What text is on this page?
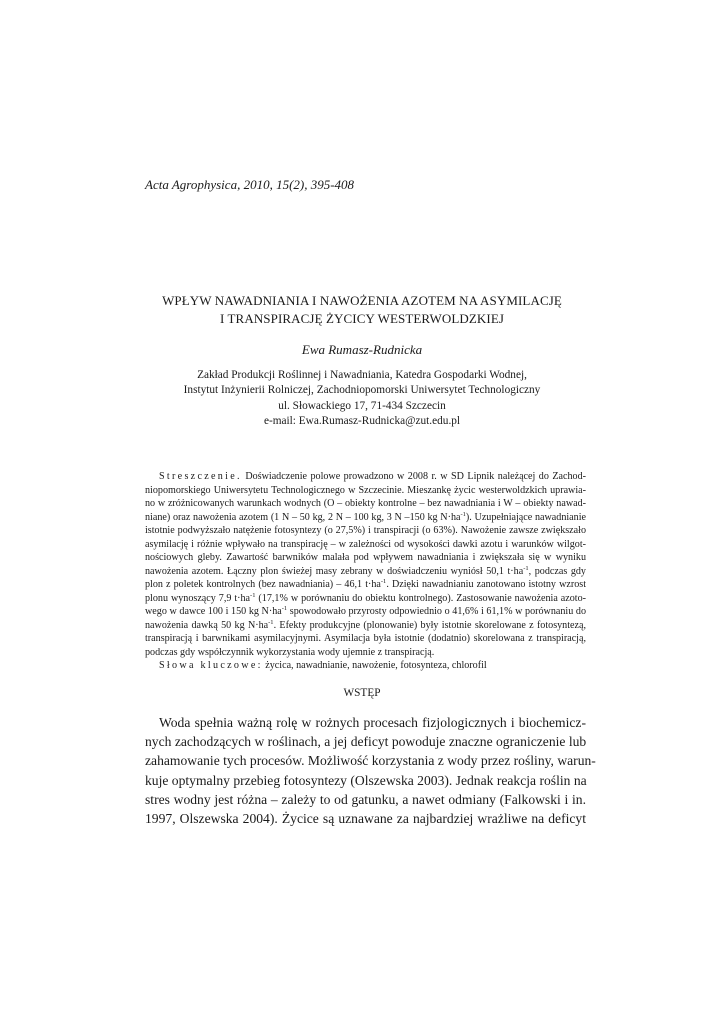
Acta Agrophysica, 2010, 15(2), 395-408
WPŁYW NAWADNIANIA I NAWOŻENIA AZOTEM NA ASYMILACJĘ
I TRANSPIRACJĘ ŻYCICY WESTERWOLDZKIEJ
Ewa Rumasz-Rudnicka
Zakład Produkcji Roślinnej i Nawadniania, Katedra Gospodarki Wodnej,
Instytut Inżynierii Rolniczej, Zachodniopomorski Uniwersytet Technologiczny
ul. Słowackiego 17, 71-434 Szczecin
e-mail: Ewa.Rumasz-Rudnicka@zut.edu.pl
Streszczenie. Doświadczenie polowe prowadzono w 2008 r. w SD Lipnik należącej do Zachod-
niopomorskiego Uniwersytetu Technologicznego w Szczecinie. Mieszankę życic westerwoldzkich uprawia-
no w zróżnicowanych warunkach wodnych (O – obiekty kontrolne – bez nawadniania i W – obiekty nawad-
niane) oraz nawożenia azotem (1 N – 50 kg, 2 N – 100 kg, 3 N –150 kg $N\cdot ha^{-1}$). Uzupełniające nawadnianie
istotnie podwyższało natężenie fotosyntezy (o 27,5%) i transpiracji (o 63%). Nawożenie zawsze zwiększało
asymilację i różnie wpływało na transpirację – w zależności od wysokości dawki azotu i warunków wilgot-
nościowych gleby. Zawartość barwników malała pod wpływem nawadniania i zwiększała się w wyniku
nawożenia azotem. Łączny plon świeżej masy zebrany w doświadczeniu wyniósł 50,1 $t\cdot ha^{-1}$, podczas gdy
plon z poletek kontrolnych (bez nawadniania) – 46,1 $t\cdot ha^{-1}$. Dzięki nawadnianiu zanotowano istotny wzrost
plonu wynoszący 7,9 $t\cdot ha^{-1}$ (17,1% w porównaniu do obiektu kontrolnego). Zastosowanie nawożenia azoto-
wego w dawce 100 i 150 kg $N\cdot ha^{-1}$ spowodowało przyrosty odpowiednio o 41,6% i 61,1% w porównaniu do
nawożenia dawką 50 kg $N\cdot ha^{-1}$. Efekty produkcyjne (plonowanie) były istotnie skorelowane z fotosyntezą,
transpiracją i barwnikami asymilacyjnymi. Asymilacja była istotnie (dodatnio) skorelowana z transpiracją,
podczas gdy współczynnik wykorzystania wody ujemnie z transpiracją.
Słowa kluczowe: życica, nawadnianie, nawożenie, fotosynteza, chlorofil
WSTĘP
Woda spełnia ważną rolę w rożnych procesach fizjologicznych i biochemicz-
nych zachodzących w roślinach, a jej deficyt powoduje znaczne ograniczenie lub
zahamowanie tych procesów. Możliwość korzystania z wody przez rośliny, warun-
kuje optymalny przebieg fotosyntezy (Olszewska 2003). Jednak reakcja roślin na
stres wodny jest różna – zależy to od gatunku, a nawet odmiany (Falkowski i in.
1997, Olszewska 2004). Życice są uznawane za najbardziej wrażliwe na deficyt
